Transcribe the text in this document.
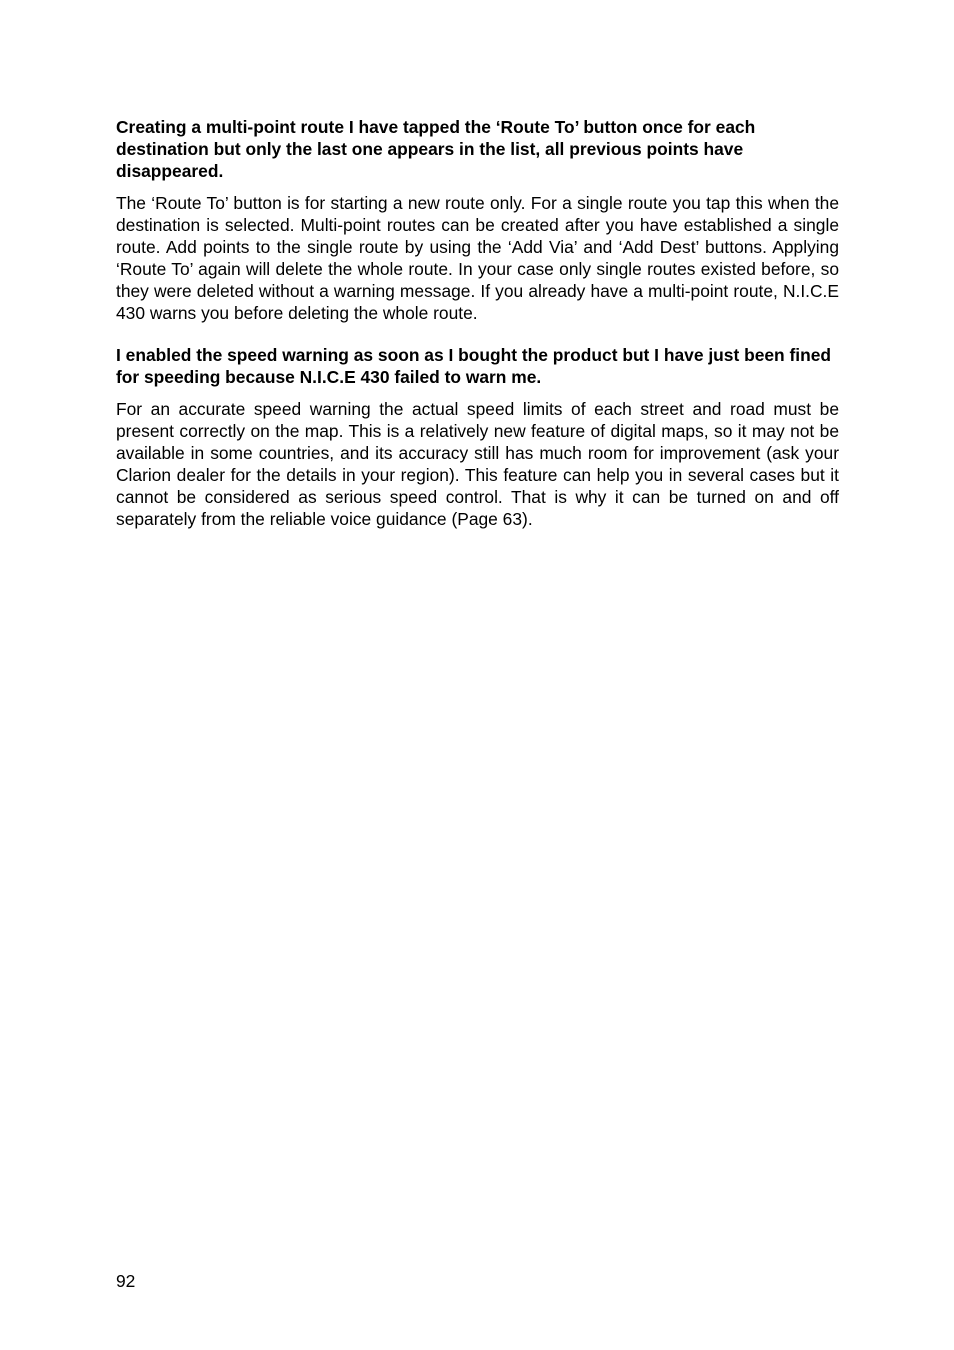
Creating a multi-point route I have tapped the ‘Route To’ button once for each destination but only the last one appears in the list, all previous points have disappeared.

The ‘Route To’ button is for starting a new route only. For a single route you tap this when the destination is selected. Multi-point routes can be created after you have established a single route. Add points to the single route by using the ‘Add Via’ and ‘Add Dest’ buttons. Applying ‘Route To’ again will delete the whole route. In your case only single routes existed before, so they were deleted without a warning message. If you already have a multi-point route, N.I.C.E 430 warns you before deleting the whole route.

I enabled the speed warning as soon as I bought the product but I have just been fined for speeding because N.I.C.E 430 failed to warn me.

For an accurate speed warning the actual speed limits of each street and road must be present correctly on the map. This is a relatively new feature of digital maps, so it may not be available in some countries, and its accuracy still has much room for improvement (ask your Clarion dealer for the details in your region). This feature can help you in several cases but it cannot be considered as serious speed control. That is why it can be turned on and off separately from the reliable voice guidance (Page 63).

92
